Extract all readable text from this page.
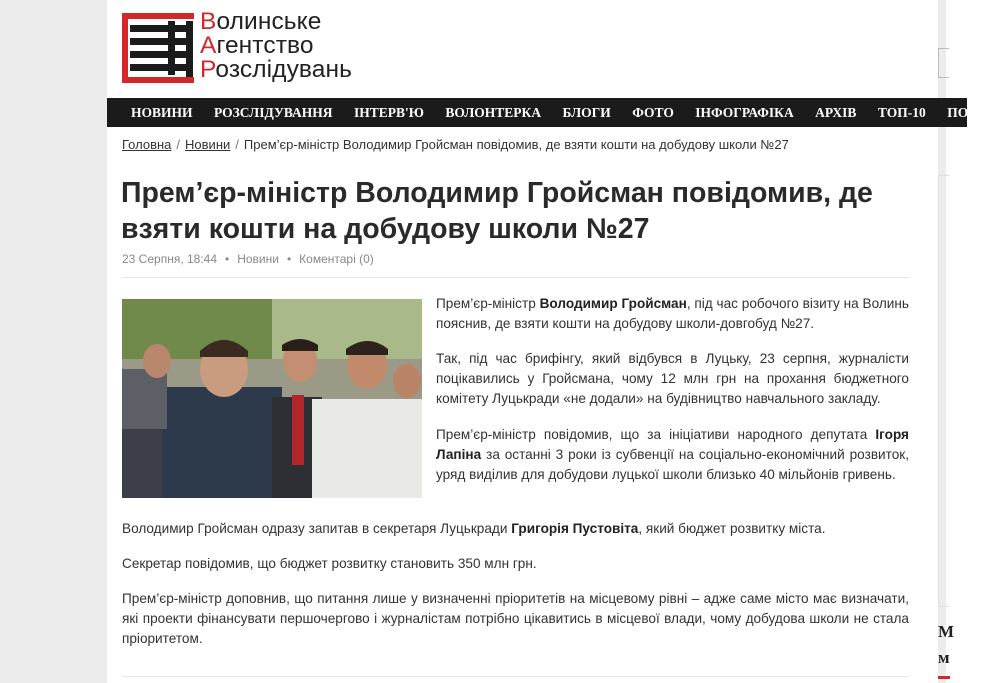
Волинське
Агентство
Розслідувань
НОВИНИ РОЗСЛІДУВАННЯ ІНТЕРВ'Ю ВОЛОНТЕРКА БЛОГИ ФОТО ІНФОГРАФІКА АРХІВ ТОП-10 ПОРАД
Головна / Новини / Прем’єр-міністр Володимир Гройсман повідомив, де взяти кошти на добудову школи №27
Прем’єр-міністр Володимир Гройсман повідомив, де взяти кошти на добудову школи №27
23 Серпня, 18:44 • Новини • Коментарі (0)

Прем’єр-міністр Володимир Гройсман, під час робочого візиту на Волинь пояснив, де взяти кошти на добудову школи-довгобуд №27.

Так, під час брифінгу, який відбувся в Луцьку, 23 серпня, журналісти поцікавились у Гройсмана, чому 12 млн грн на прохання бюджетного комітету Луцькради «не додали» на будівництво навчального закладу.

Прем’єр-міністр повідомив, що за ініціативи народного депутата Ігоря Лапіна за останні 3 роки із субвенції на соціально-економічний розвиток, уряд виділив для добудови луцької школи близько 40 мільйонів гривень.

Володимир Гройсман одразу запитав в секретаря Луцькради Григорія Пустовіта, який бюджет розвитку міста.

Секретар повідомив, що бюджет розвитку становить 350 млн грн.

Прем’єр-міністр доповнив, що питання лише у визначенні пріоритетів на місцевому рівні – адже саме місто має визначати, які проекти фінансувати першочергово і журналістам потрібно цікавитись в місцевої влади, чому добудова школи не стала пріоритетом.	М
м
